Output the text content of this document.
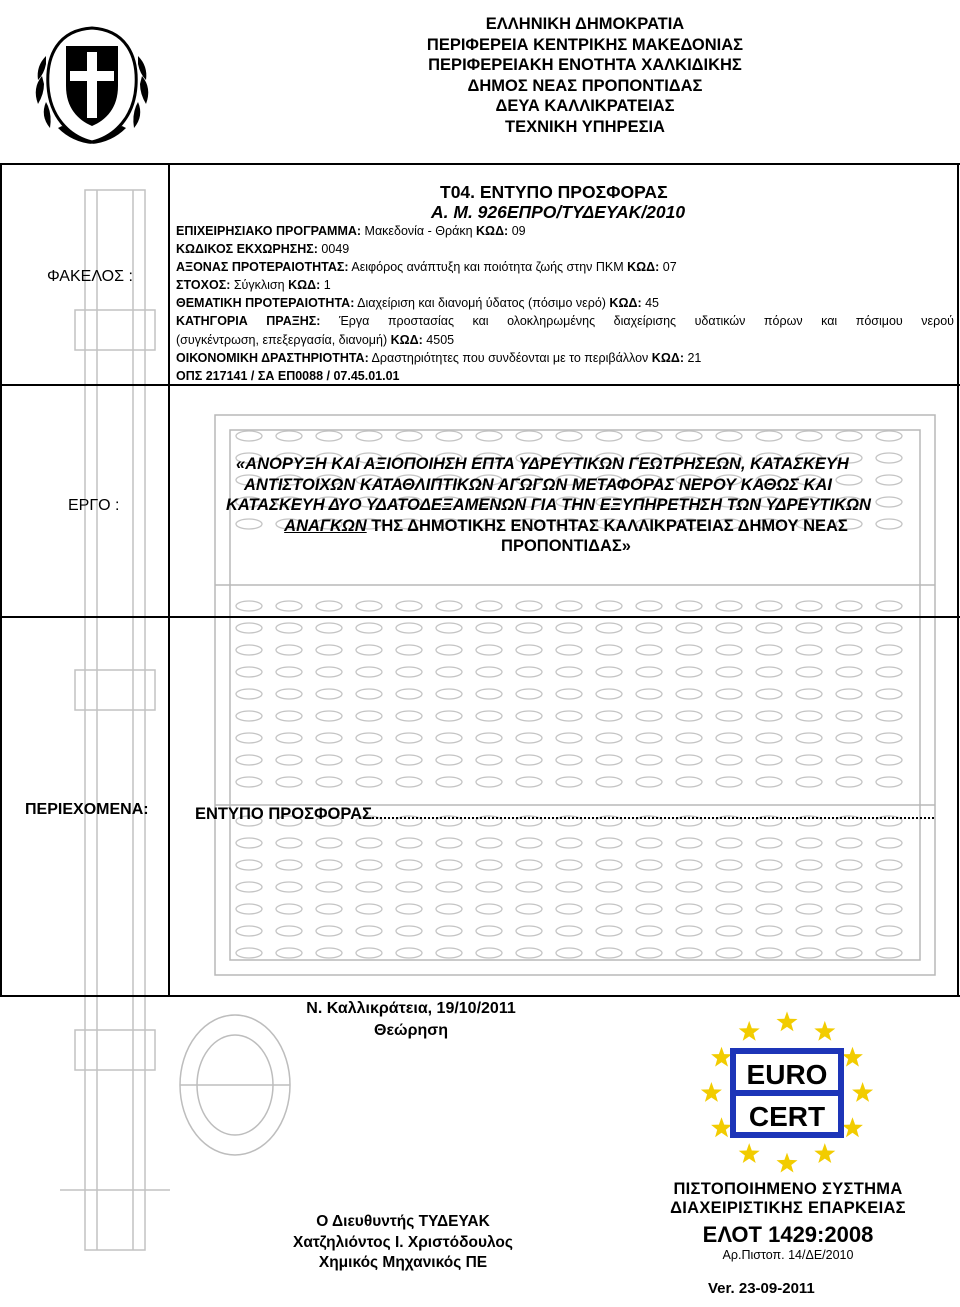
ΕΛΛΗΝΙΚΗ ΔΗΜΟΚΡΑΤΙΑ
ΠΕΡΙΦΕΡΕΙΑ ΚΕΝΤΡΙΚΗΣ ΜΑΚΕΔΟΝΙΑΣ
ΠΕΡΙΦΕΡΕΙΑΚΗ ΕΝΟΤΗΤΑ ΧΑΛΚΙΔΙΚΗΣ
ΔΗΜΟΣ ΝΕΑΣ ΠΡΟΠΟΝΤΙΔΑΣ
ΔΕΥΑ ΚΑΛΛΙΚΡΑΤΕΙΑΣ
ΤΕΧΝΙΚΗ ΥΠΗΡΕΣΙΑ
ΦΑΚΕΛΟΣ :
Τ04. ΕΝΤΥΠΟ ΠΡΟΣΦΟΡΑΣ
Α. Μ. 926ΕΠΡΟ/ΤΥΔΕΥΑΚ/2010
ΕΠΙΧΕΙΡΗΣΙΑΚΟ ΠΡΟΓΡΑΜΜΑ: Μακεδονία - Θράκη ΚΩΔ: 09
ΚΩΔΙΚΟΣ ΕΚΧΩΡΗΣΗΣ: 0049
ΑΞΟΝΑΣ ΠΡΟΤΕΡΑΙΟΤΗΤΑΣ: Αειφόρος ανάπτυξη και ποιότητα ζωής στην ΠΚΜ ΚΩΔ: 07
ΣΤΟΧΟΣ: Σύγκλιση ΚΩΔ: 1
ΘΕΜΑΤΙΚΗ ΠΡΟΤΕΡΑΙΟΤΗΤΑ: Διαχείριση και διανομή ύδατος (πόσιμο νερό) ΚΩΔ: 45
ΚΑΤΗΓΟΡΙΑ ΠΡΑΞΗΣ: Έργα προστασίας και ολοκληρωμένης διαχείρισης υδατικών πόρων και πόσιμου νερού
(συγκέντρωση, επεξεργασία, διανομή) ΚΩΔ: 4505
ΟΙΚΟΝΟΜΙΚΗ ΔΡΑΣΤΗΡΙΟΤΗΤΑ: Δραστηριότητες που συνδέονται με το περιβάλλον ΚΩΔ: 21
ΟΠΣ 217141 / ΣΑ ΕΠ0088 / 07.45.01.01
ΕΡΓΟ :
«ΑΝΟΡΥΞΗ ΚΑΙ ΑΞΙΟΠΟΙΗΣΗ ΕΠΤΑ ΥΔΡΕΥΤΙΚΩΝ ΓΕΩΤΡΗΣΕΩΝ, ΚΑΤΑΣΚΕΥΗ
ΑΝΤΙΣΤΟΙΧΩΝ ΚΑΤΑΘΛΙΠΤΙΚΩΝ ΑΓΩΓΩΝ ΜΕΤΑΦΟΡΑΣ ΝΕΡΟΥ ΚΑΘΩΣ ΚΑΙ
ΚΑΤΑΣΚΕΥΗ ΔΥΟ ΥΔΑΤΟΔΕΞΑΜΕΝΩΝ ΓΙΑ ΤΗΝ ΕΞΥΠΗΡΕΤΗΣΗ ΤΩΝ ΥΔΡΕΥΤΙΚΩΝ
ΑΝΑΓΚΩΝ ΤΗΣ ΔΗΜΟΤΙΚΗΣ ΕΝΟΤΗΤΑΣ ΚΑΛΛΙΚΡΑΤΕΙΑΣ ΔΗΜΟΥ ΝΕΑΣ
ΠΡΟΠΟΝΤΙΔΑΣ»
ΠΕΡΙΕΧΟΜΕΝΑ:	ΕΝΤΥΠΟ ΠΡΟΣΦΟΡΑΣ
Ν. Καλλικράτεια, 19/10/2011
Θεώρηση
Ο Διευθυντής ΤΥΔΕΥΑΚ
Χατζηλιόντος Ι. Χριστόδουλος
Χημικός Μηχανικός ΠΕ
EURO
CERT
ΠΙΣΤΟΠΟΙΗΜΕΝΟ ΣΥΣΤΗΜΑ
ΔΙΑΧΕΙΡΙΣΤΙΚΗΣ ΕΠΑΡΚΕΙΑΣ
ΕΛΟΤ 1429:2008
Αρ.Πιστοπ. 14/ΔΕ/2010
Ver. 23-09-2011
